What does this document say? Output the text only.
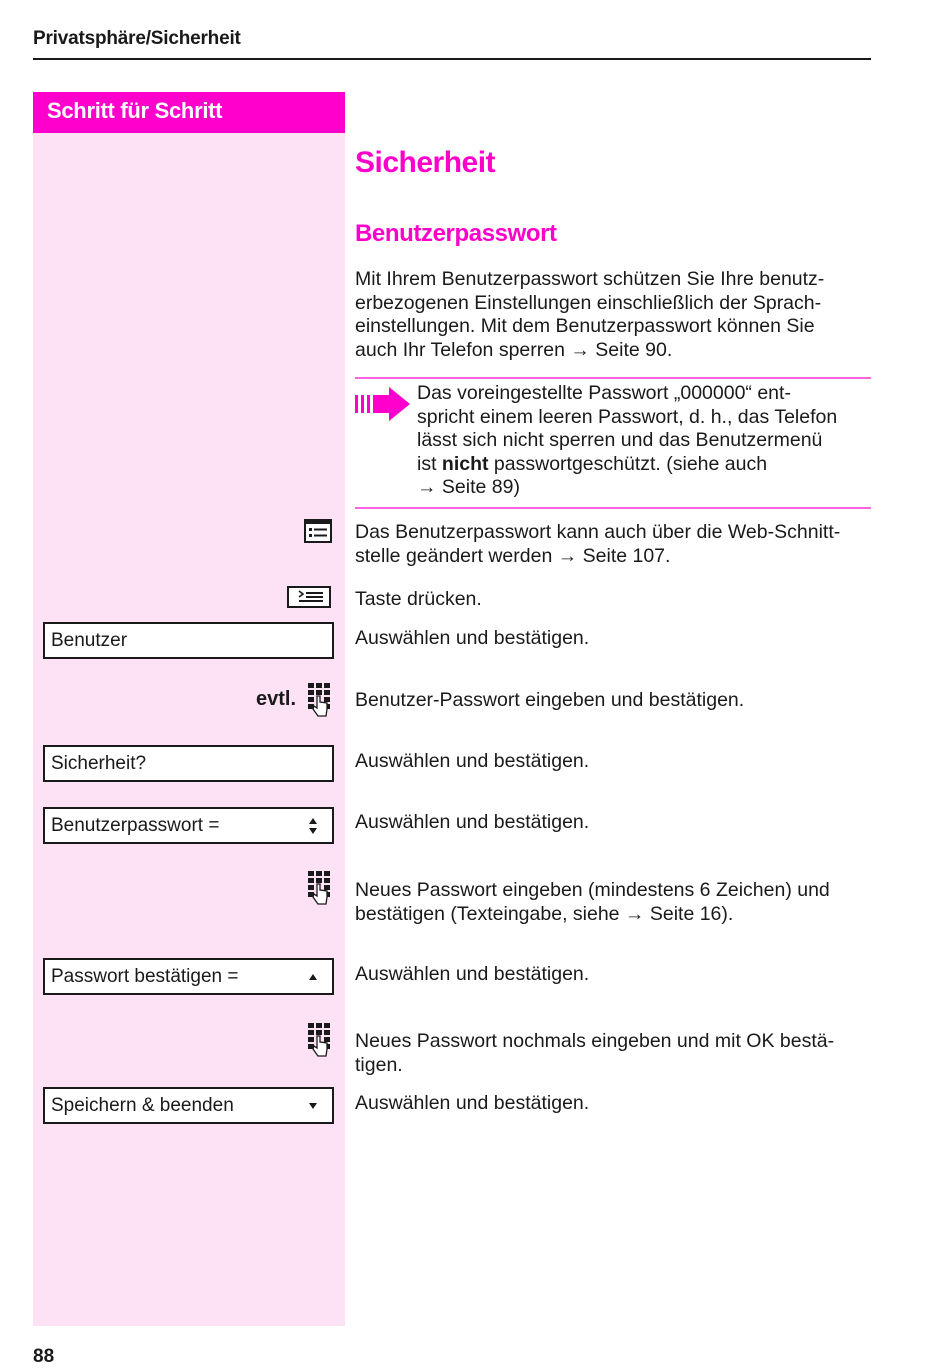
Privatsphäre/Sicherheit
Schritt für Schritt
Sicherheit
Benutzerpasswort
Mit Ihrem Benutzerpasswort schützen Sie Ihre benutz-
erbezogenen Einstellungen einschließlich der Sprach-
einstellungen. Mit dem Benutzerpasswort können Sie
auch Ihr Telefon sperren → Seite 90.
Das voreingestellte Passwort „000000“ ent-
spricht einem leeren Passwort, d. h., das Telefon
lässt sich nicht sperren und das Benutzermenü
ist nicht passwortgeschützt. (siehe auch
→ Seite 89)
Das Benutzerpasswort kann auch über die Web-Schnitt-
stelle geändert werden → Seite 107.
Taste drücken.
Benutzer	Auswählen und bestätigen.
evtl.	Benutzer-Passwort eingeben und bestätigen.
Sicherheit?	Auswählen und bestätigen.
Benutzerpasswort =	Auswählen und bestätigen.
Neues Passwort eingeben (mindestens 6 Zeichen) und
bestätigen (Texteingabe, siehe → Seite 16).
Passwort bestätigen =	Auswählen und bestätigen.
Neues Passwort nochmals eingeben und mit OK bestä-
tigen.
Speichern & beenden	Auswählen und bestätigen.
88
